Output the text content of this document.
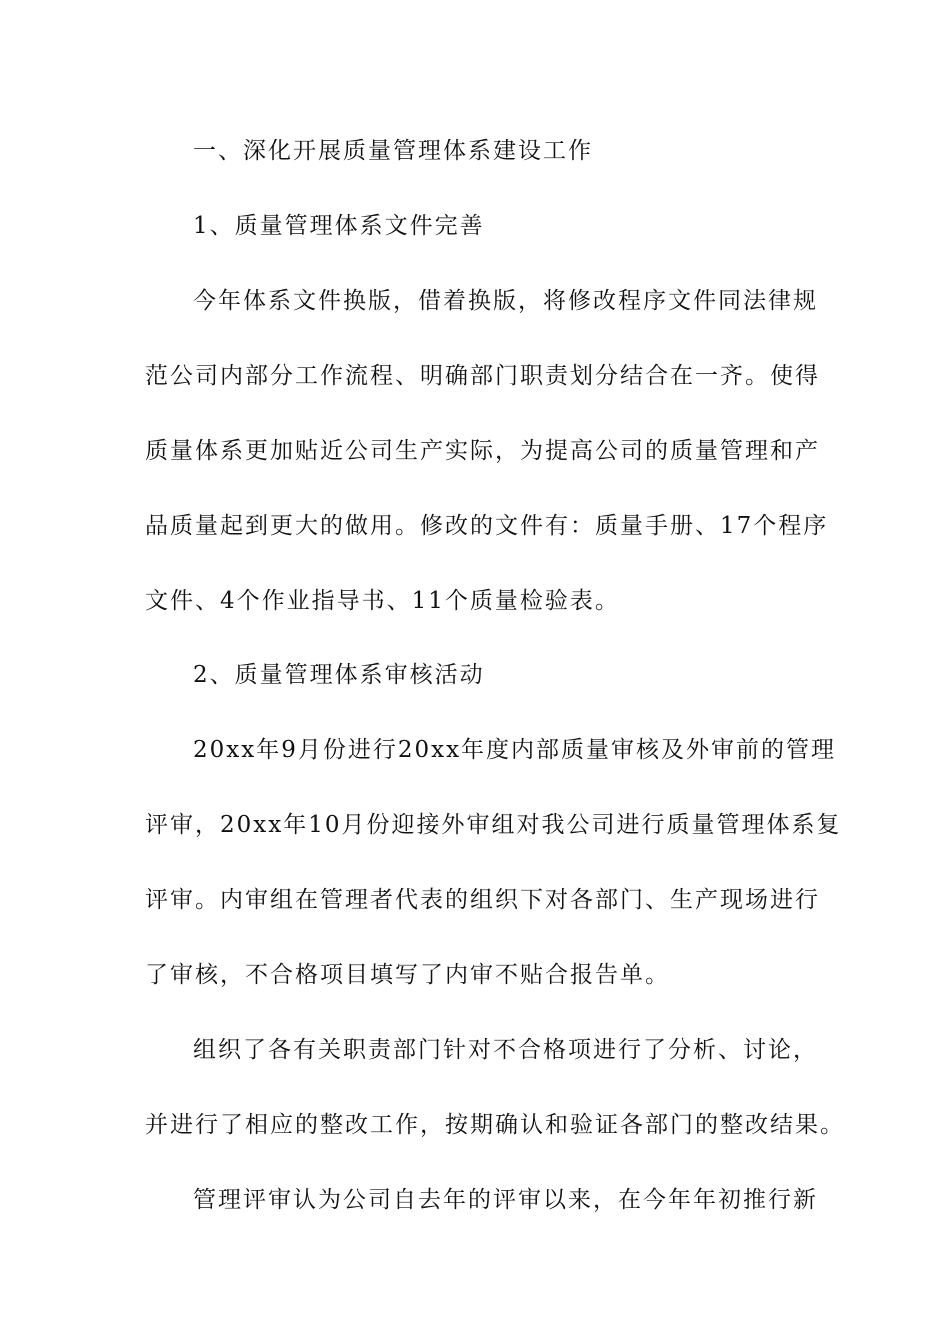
一、深化开展质量管理体系建设工作
1、质量管理体系文件完善
今年体系文件换版，借着换版，将修改程序文件同法律规
范公司内部分工作流程、明确部门职责划分结合在一齐。使得
质量体系更加贴近公司生产实际，为提高公司的质量管理和产
品质量起到更大的做用。修改的文件有：质量手册、17个程序
文件、4个作业指导书、11个质量检验表。
2、质量管理体系审核活动
20xx年9月份进行20xx年度内部质量审核及外审前的管理
评审，20xx年10月份迎接外审组对我公司进行质量管理体系复
评审。内审组在管理者代表的组织下对各部门、生产现场进行
了审核，不合格项目填写了内审不贴合报告单。
组织了各有关职责部门针对不合格项进行了分析、讨论，
并进行了相应的整改工作，按期确认和验证各部门的整改结果。
管理评审认为公司自去年的评审以来，在今年年初推行新
